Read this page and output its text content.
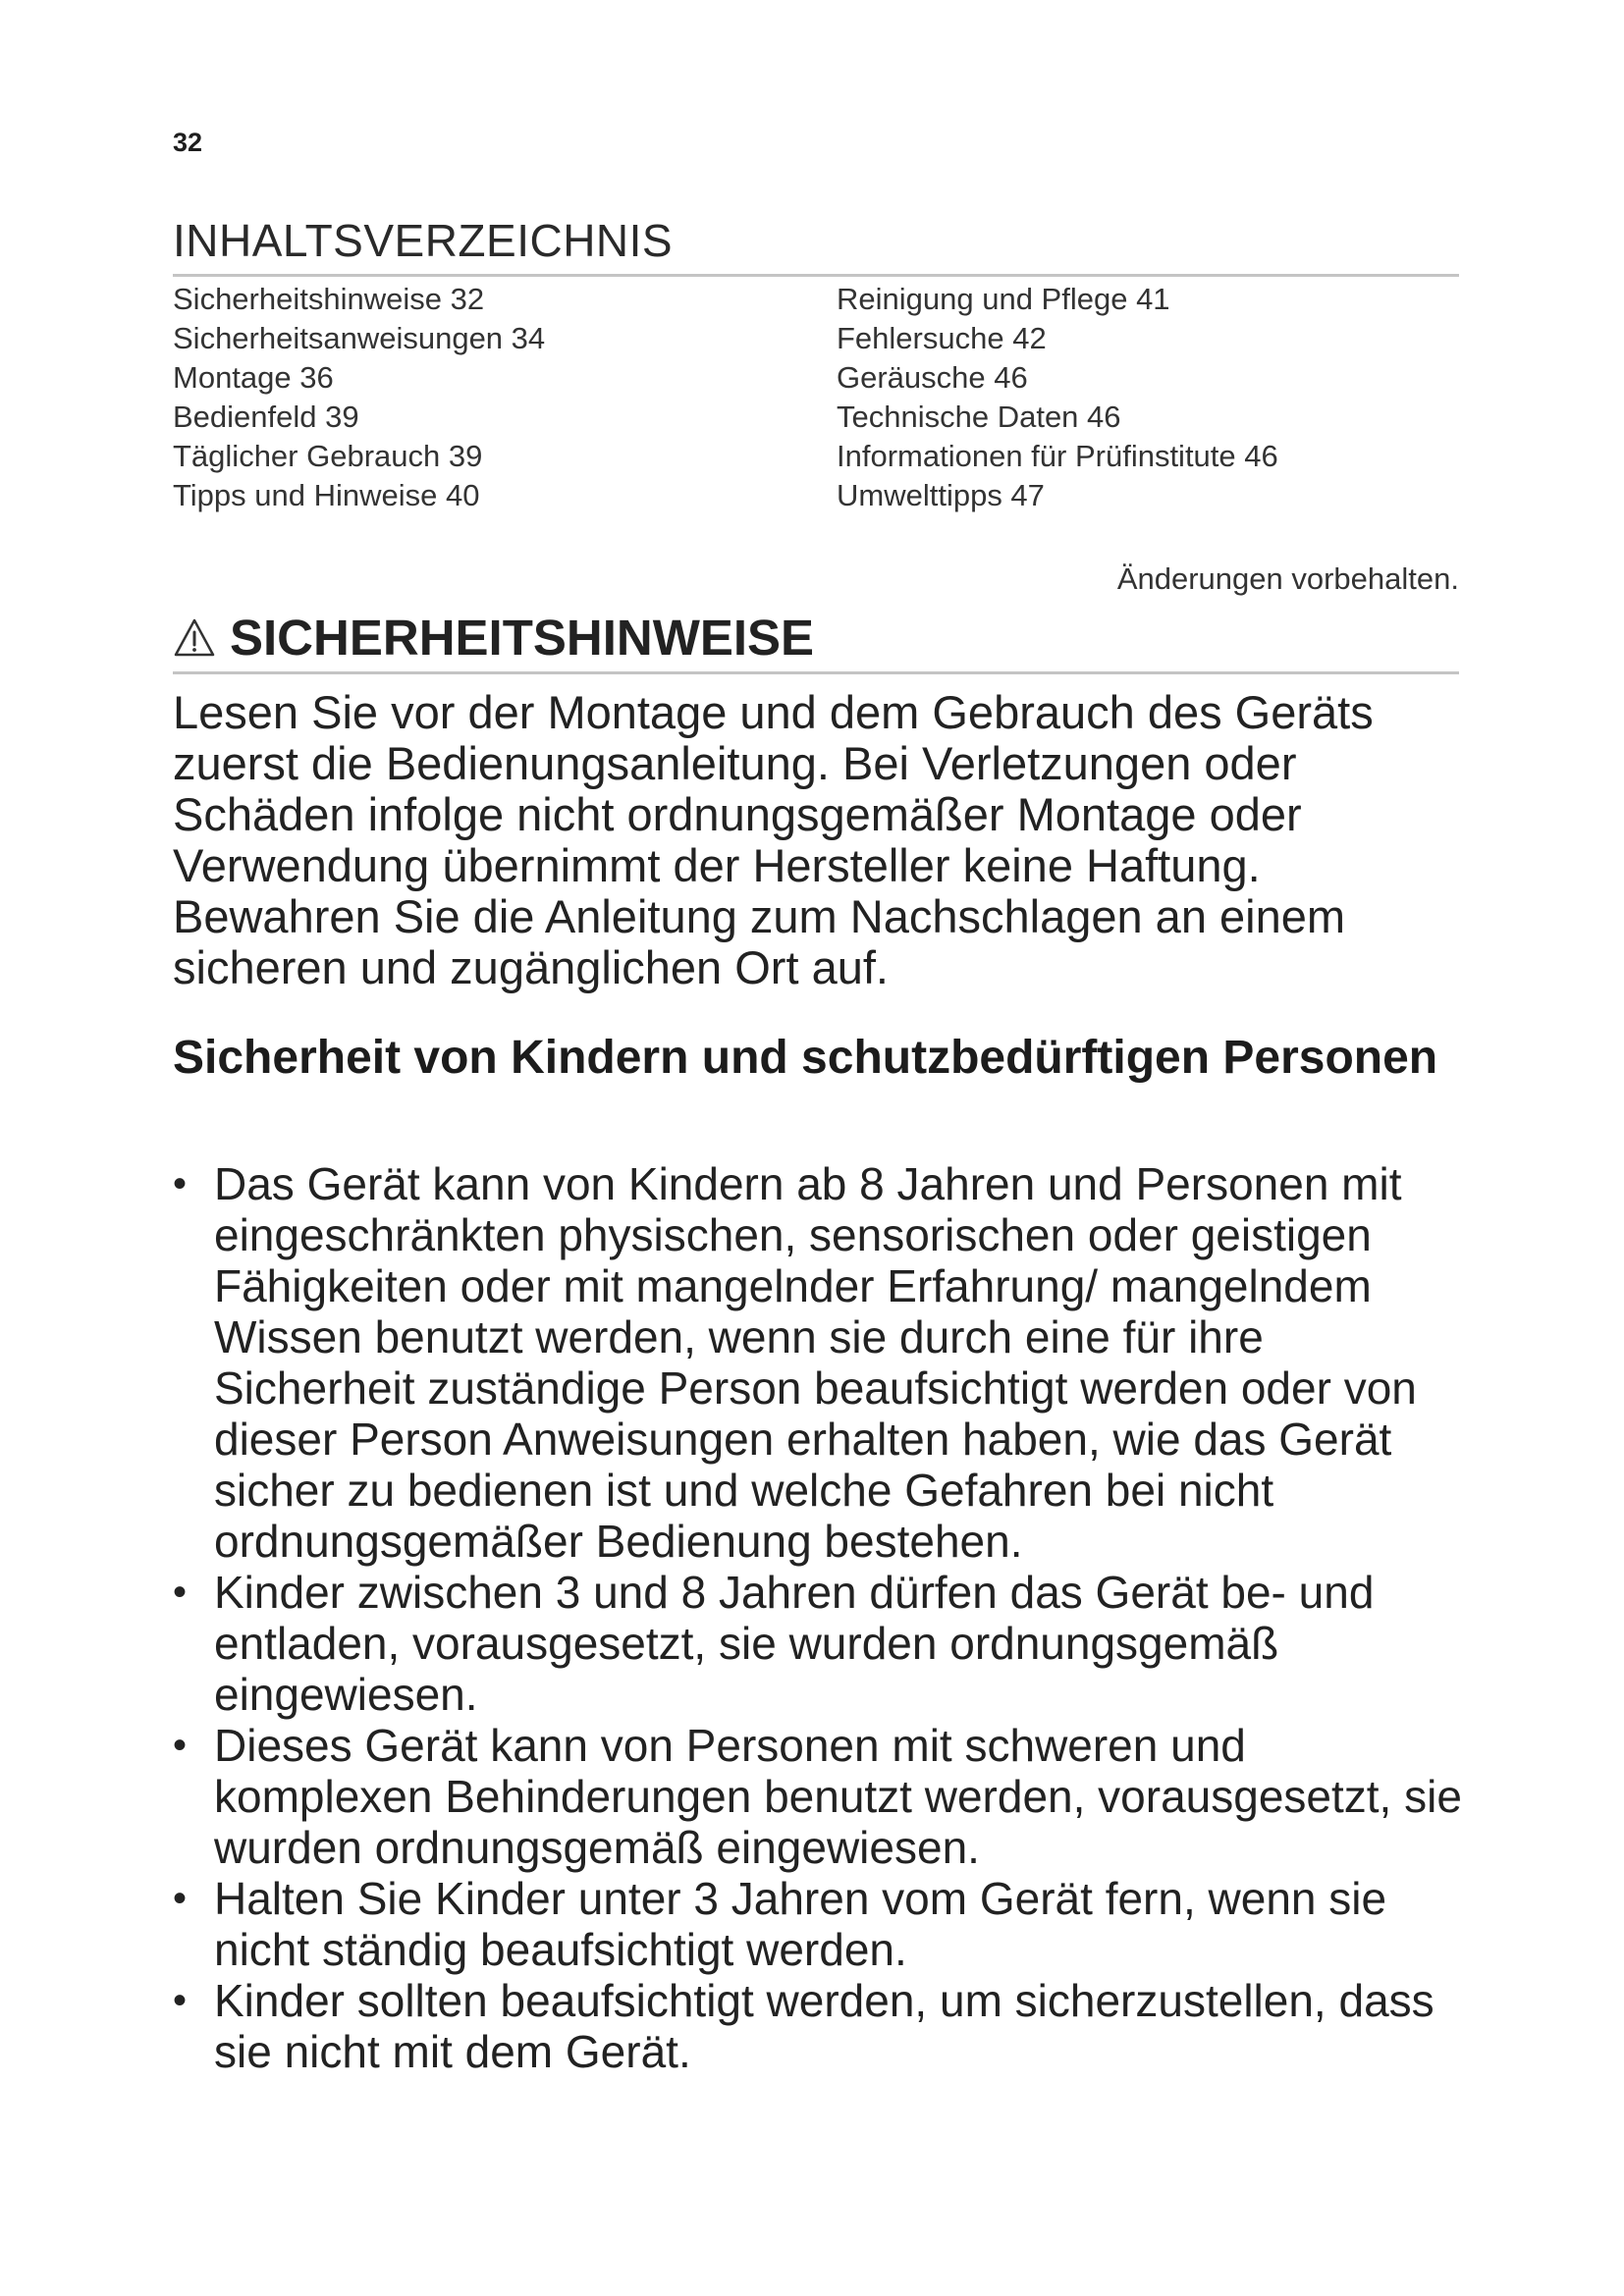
32
INHALTSVERZEICHNIS
Sicherheitshinweise 32
Sicherheitsanweisungen 34
Montage 36
Bedienfeld 39
Täglicher Gebrauch 39
Tipps und Hinweise 40
Reinigung und Pflege 41
Fehlersuche 42
Geräusche 46
Technische Daten 46
Informationen für Prüfinstitute 46
Umwelttipps 47
Änderungen vorbehalten.
SICHERHEITSHINWEISE

Lesen Sie vor der Montage und dem Gebrauch des Geräts zuerst die Bedienungsanleitung. Bei Verletzungen oder Schäden infolge nicht ordnungsgemäßer Montage oder Verwendung übernimmt der Hersteller keine Haftung. Bewahren Sie die Anleitung zum Nachschlagen an einem sicheren und zugänglichen Ort auf.

Sicherheit von Kindern und schutzbedürftigen Personen
• Das Gerät kann von Kindern ab 8 Jahren und Personen mit eingeschränkten physischen, sensorischen oder geistigen Fähigkeiten oder mit mangelnder Erfahrung/ mangelndem Wissen benutzt werden, wenn sie durch eine für ihre Sicherheit zuständige Person beaufsichtigt werden oder von dieser Person Anweisungen erhalten haben, wie das Gerät sicher zu bedienen ist und welche Gefahren bei nicht ordnungsgemäßer Bedienung bestehen.
• Kinder zwischen 3 und 8 Jahren dürfen das Gerät be- und entladen, vorausgesetzt, sie wurden ordnungsgemäß eingewiesen.
• Dieses Gerät kann von Personen mit schweren und komplexen Behinderungen benutzt werden, vorausgesetzt, sie wurden ordnungsgemäß eingewiesen.
• Halten Sie Kinder unter 3 Jahren vom Gerät fern, wenn sie nicht ständig beaufsichtigt werden.
• Kinder sollten beaufsichtigt werden, um sicherzustellen, dass sie nicht mit dem Gerät.
